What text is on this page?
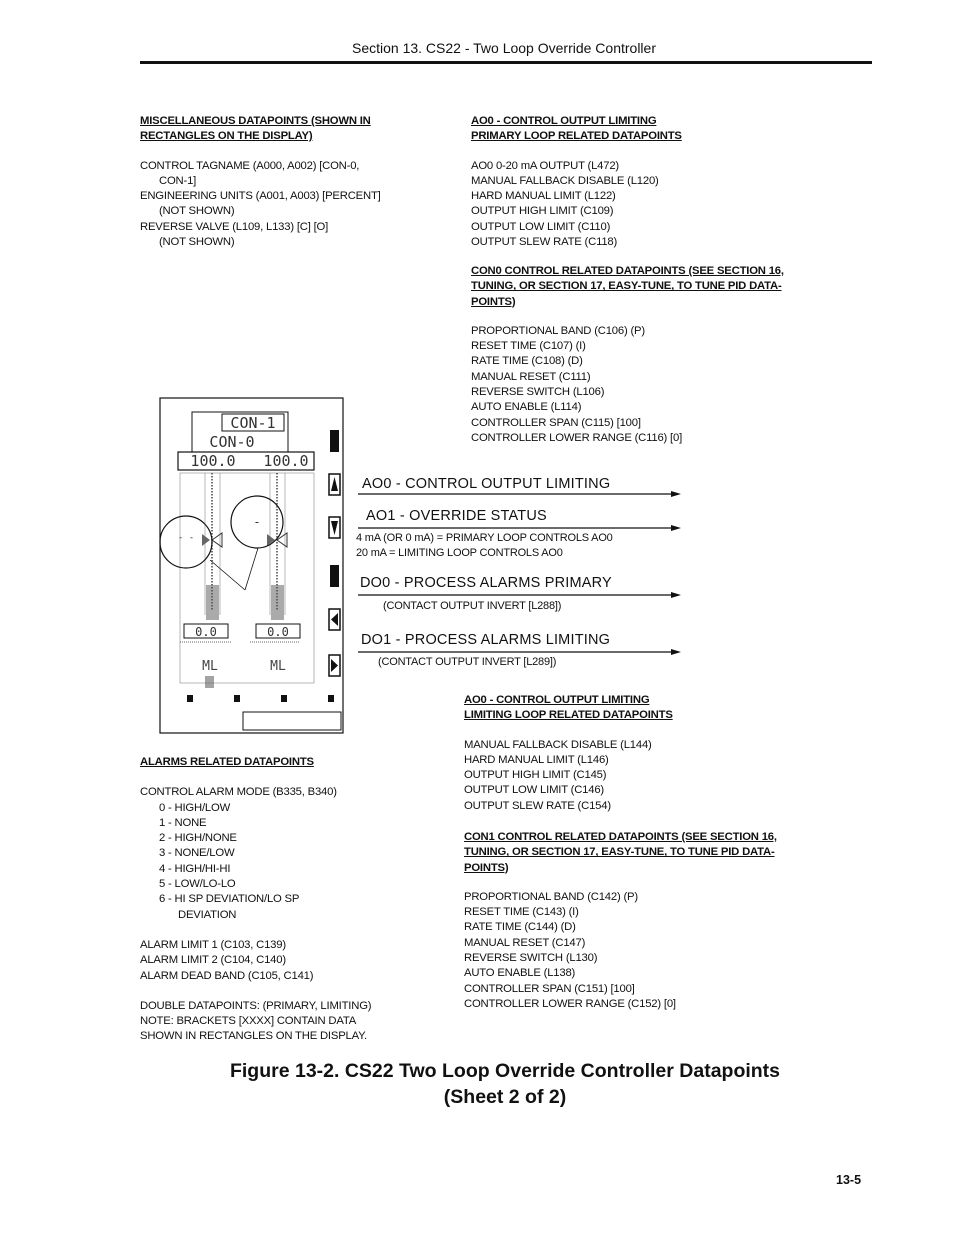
Section 13. CS22 - Two Loop Override Controller
MISCELLANEOUS DATAPOINTS (SHOWN IN
RECTANGLES ON THE DISPLAY)
CONTROL TAGNAME (A000, A002) [CON-0,
CON-1]
ENGINEERING UNITS (A001, A003) [PERCENT]
(NOT SHOWN)
REVERSE VALVE (L109, L133) [C] [O]
(NOT SHOWN)
AO0 - CONTROL OUTPUT LIMITING
PRIMARY LOOP RELATED DATAPOINTS
AO0 0-20 mA OUTPUT (L472)
MANUAL FALLBACK DISABLE (L120)
HARD MANUAL LIMIT (L122)
OUTPUT HIGH LIMIT (C109)
OUTPUT LOW LIMIT (C110)
OUTPUT SLEW RATE (C118)
CON0 CONTROL RELATED DATAPOINTS (SEE SECTION 16,
TUNING, OR SECTION 17, EASY-TUNE, TO TUNE PID DATA-
POINTS)
PROPORTIONAL BAND (C106) (P)
RESET TIME (C107) (I)
RATE TIME (C108) (D)
MANUAL RESET (C111)
REVERSE SWITCH (L106)
AUTO ENABLE (L114)
CONTROLLER SPAN (C115) [100]
CONTROLLER LOWER RANGE (C116) [0]
CON-1
CON-0
100.0 100.0
- -
-
0.0	0.0
ML	ML
AO0 - CONTROL OUTPUT LIMITING
AO1 - OVERRIDE STATUS
4 mA (OR 0 mA) = PRIMARY LOOP CONTROLS AO0
20 mA = LIMITING LOOP CONTROLS AO0
DO0 - PROCESS ALARMS PRIMARY
(CONTACT OUTPUT INVERT [L288])
DO1 - PROCESS ALARMS LIMITING
(CONTACT OUTPUT INVERT [L289])
AO0 - CONTROL OUTPUT LIMITING
LIMITING LOOP RELATED DATAPOINTS
MANUAL FALLBACK DISABLE (L144)
HARD MANUAL LIMIT (L146)
OUTPUT HIGH LIMIT (C145)
OUTPUT LOW LIMIT (C146)
OUTPUT SLEW RATE (C154)
CON1 CONTROL RELATED DATAPOINTS (SEE SECTION 16,
TUNING, OR SECTION 17, EASY-TUNE, TO TUNE PID DATA-
POINTS)
PROPORTIONAL BAND (C142) (P)
RESET TIME (C143) (I)
RATE TIME (C144) (D)
MANUAL RESET (C147)
REVERSE SWITCH (L130)
AUTO ENABLE (L138)
CONTROLLER SPAN (C151) [100]
CONTROLLER LOWER RANGE (C152) [0]
ALARMS RELATED DATAPOINTS
CONTROL ALARM MODE (B335, B340)
0 - HIGH/LOW
1 - NONE
2 - HIGH/NONE
3 - NONE/LOW
4 - HIGH/HI-HI
5 - LOW/LO-LO
6 - HI SP DEVIATION/LO SP
DEVIATION
ALARM LIMIT 1 (C103, C139)
ALARM LIMIT 2 (C104, C140)
ALARM DEAD BAND (C105, C141)
DOUBLE DATAPOINTS: (PRIMARY, LIMITING)
NOTE: BRACKETS [XXXX] CONTAIN DATA
SHOWN IN RECTANGLES ON THE DISPLAY.
Figure 13-2. CS22 Two Loop Override Controller Datapoints
(Sheet 2 of 2)
13-5
